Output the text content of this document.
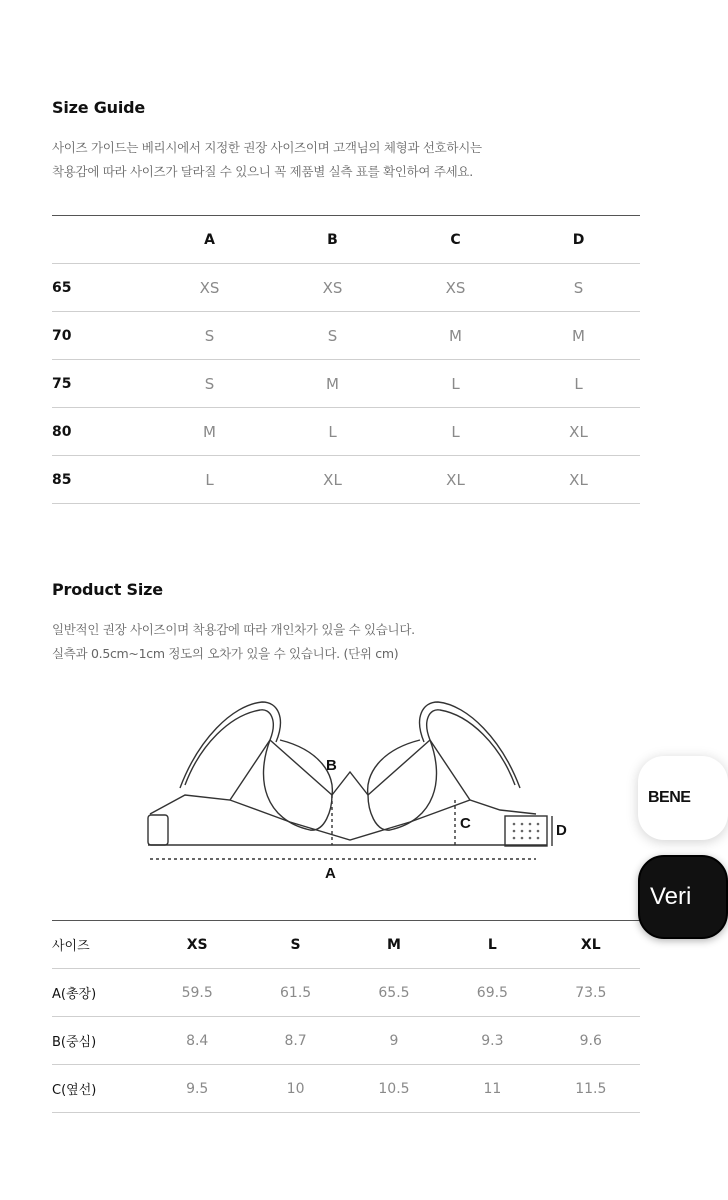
Size Guide

사이즈 가이드는 베리시에서 지정한 권장 사이즈이며 고객님의 체형과 선호하시는
착용감에 따라 사이즈가 달라질 수 있으니 꼭 제품별 실측 표를 확인하여 주세요.

	A	B	C	D
65	XS	XS	XS	S
70	S	S	M	M
75	S	M	L	L
80	M	L	L	XL
85	L	XL	XL	XL
Product Size

일반적인 권장 사이즈이며 착용감에 따라 개인차가 있을 수 있습니다.
실측과 0.5cm~1cm 정도의 오차가 있을 수 있습니다. (단위 cm)

B
C	D
A
사이즈	XS	S	M	L	XL
A(총장)	59.5	61.5	65.5	69.5	73.5
B(중심)	8.4	8.7	9	9.3	9.6
C(옆선)	9.5	10	10.5	11	11.5

BENE
Veri
